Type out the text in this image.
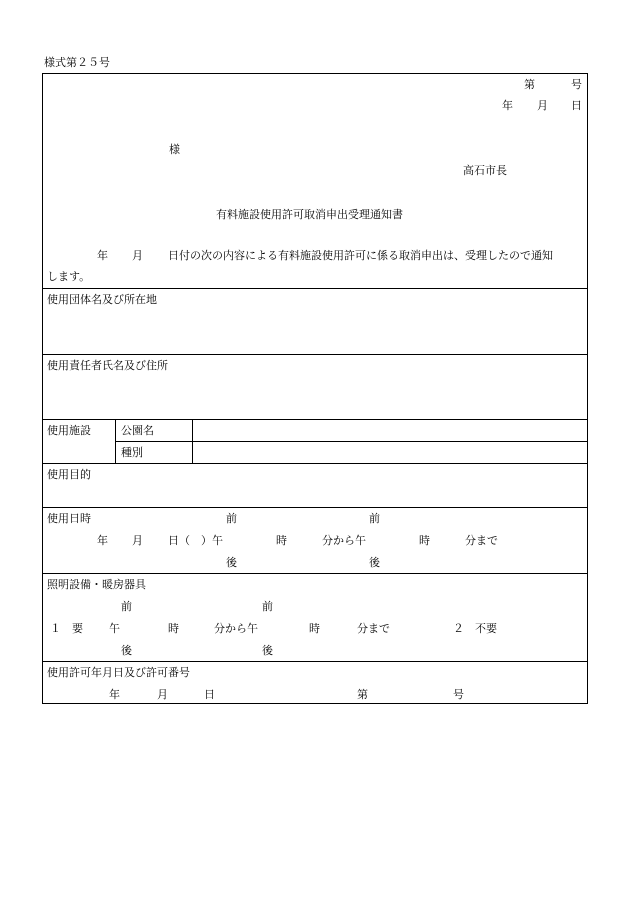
様式第２５号
第	号
年 月 日
様
高石市長
有料施設使用許可取消申出受理通知書
年 月 日付の次の内容による有料施設使用許可に係る取消申出は、受理したので通知
します。
使用団体名及び所在地
使用責任者氏名及び住所
使用施設	公園名
種別
使用目的
使用日時	前	前
年 月 日（　）午	時	分から午	時	分まで
後	後
照明設備・暖房器具
前	前
１　要 午	時	分から午	時	分まで	２　不要
後	後
使用許可年月日及び許可番号
年	月	日	第	号
